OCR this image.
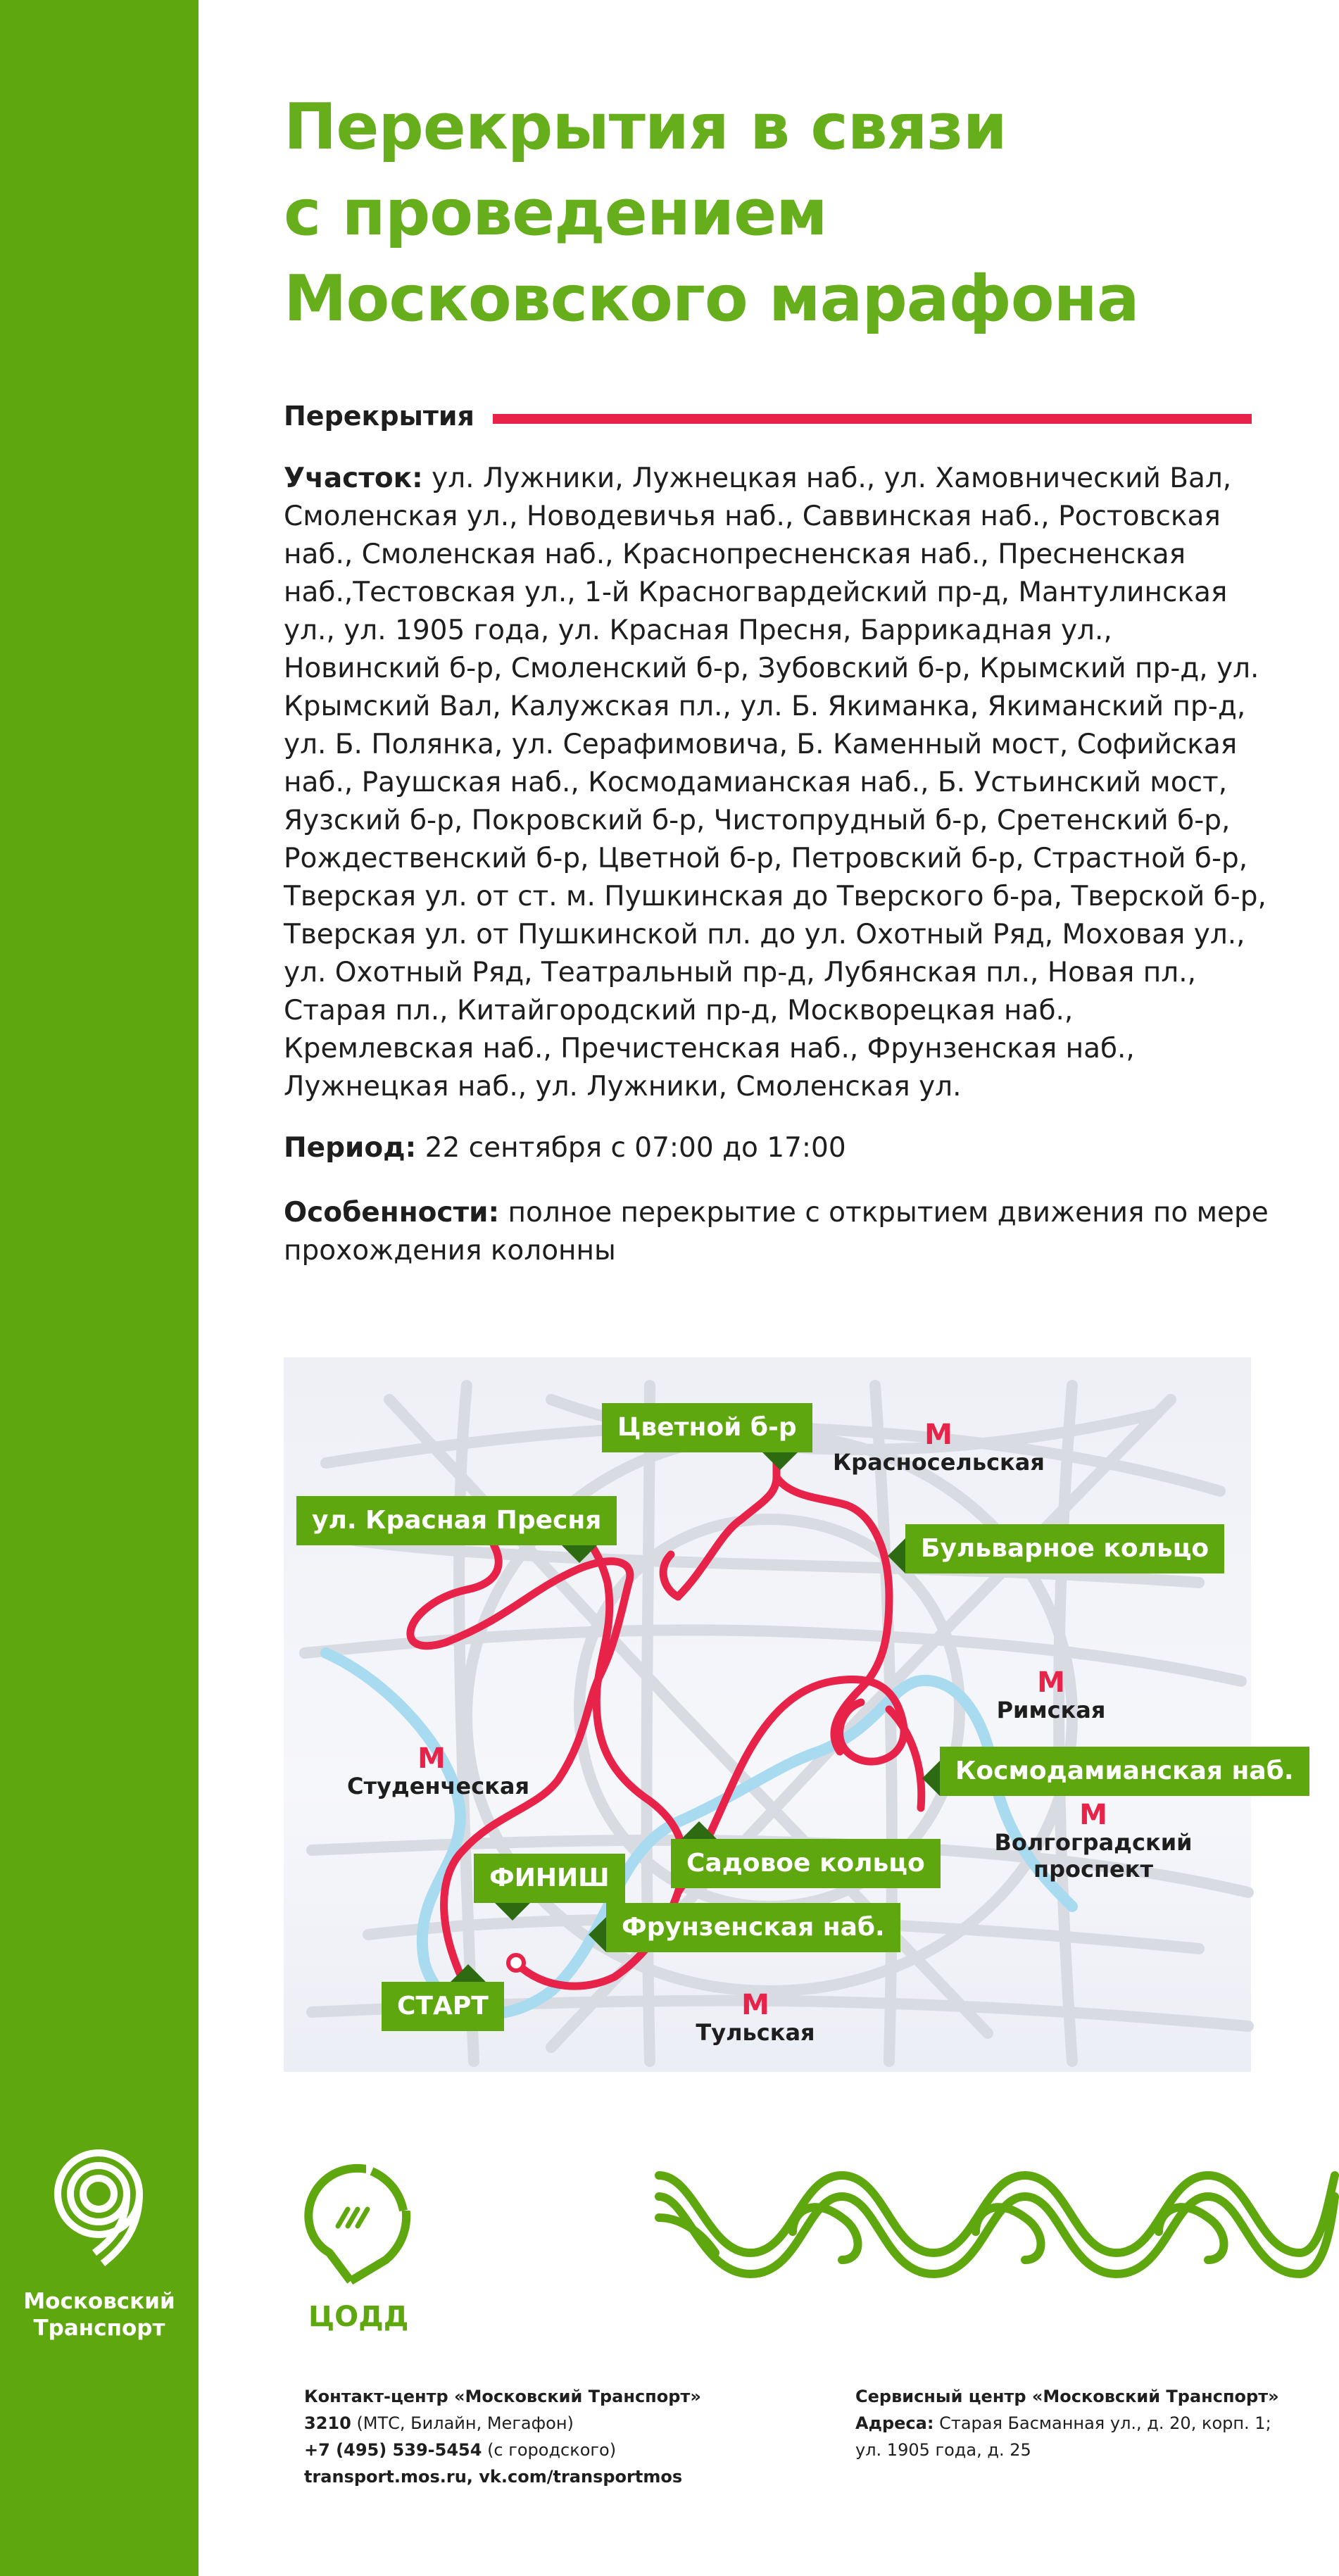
Московский
Транспорт
Перекрытия в связи
с проведением
Московского марафона
Перекрытия

Участок: ул. Лужники, Лужнецкая наб., ул. Хамовнический Вал, Смоленская ул., Новодевичья наб., Саввинская наб., Ростовская наб., Смоленская наб., Краснопресненская наб., Пресненская наб.,Тестовская ул., 1-й Красногвардейский пр-д, Мантулинская ул., ул. 1905 года, ул. Красная Пресня, Баррикадная ул., Новинский б-р, Смоленский б-р, Зубовский б-р, Крымский пр-д, ул. Крымский Вал, Калужская пл., ул. Б. Якиманка, Якиманский пр-д, ул. Б. Полянка, ул. Серафимовича, Б. Каменный мост, Софийская наб., Раушская наб., Космодамианская наб., Б. Устьинский мост, Яузский б-р, Покровский б-р, Чистопрудный б-р, Сретенский б-р, Рождественский б-р, Цветной б-р, Петровский б-р, Страстной б-р, Тверская ул. от ст. м. Пушкинская до Тверского б-ра, Тверской б-р, Тверская ул. от Пушкинской пл. до ул. Охотный Ряд, Моховая ул., ул. Охотный Ряд, Театральный пр-д, Лубянская пл., Новая пл., Старая пл., Китайгородский пр-д, Москворецкая наб., Кремлевская наб., Пречистенская наб., Фрунзенская наб., Лужнецкая наб., ул. Лужники, Смоленская ул.

Период: 22 сентября с 07:00 до 17:00

Особенности: полное перекрытие с открытием движения по мере прохождения колонны

Цветной б-р
ул. Красная Пресня
Бульварное кольцо
Космодамианская наб.
Садовое кольцо
ФИНИШ
Фрунзенская наб.
СТАРТ
М
Красносельская
М
Римская
М
Студенческая
М
Волгоградский
проспект
М
Тульская
ЦОДД
Контакт-центр «Московский Транспорт»
3210 (МТС, Билайн, Мегафон)
+7 (495) 539-5454 (с городского)
transport.mos.ru, vk.com/transportmos
Сервисный центр «Московский Транспорт»
Адреса: Старая Басманная ул., д. 20, корп. 1;
ул. 1905 года, д. 25
